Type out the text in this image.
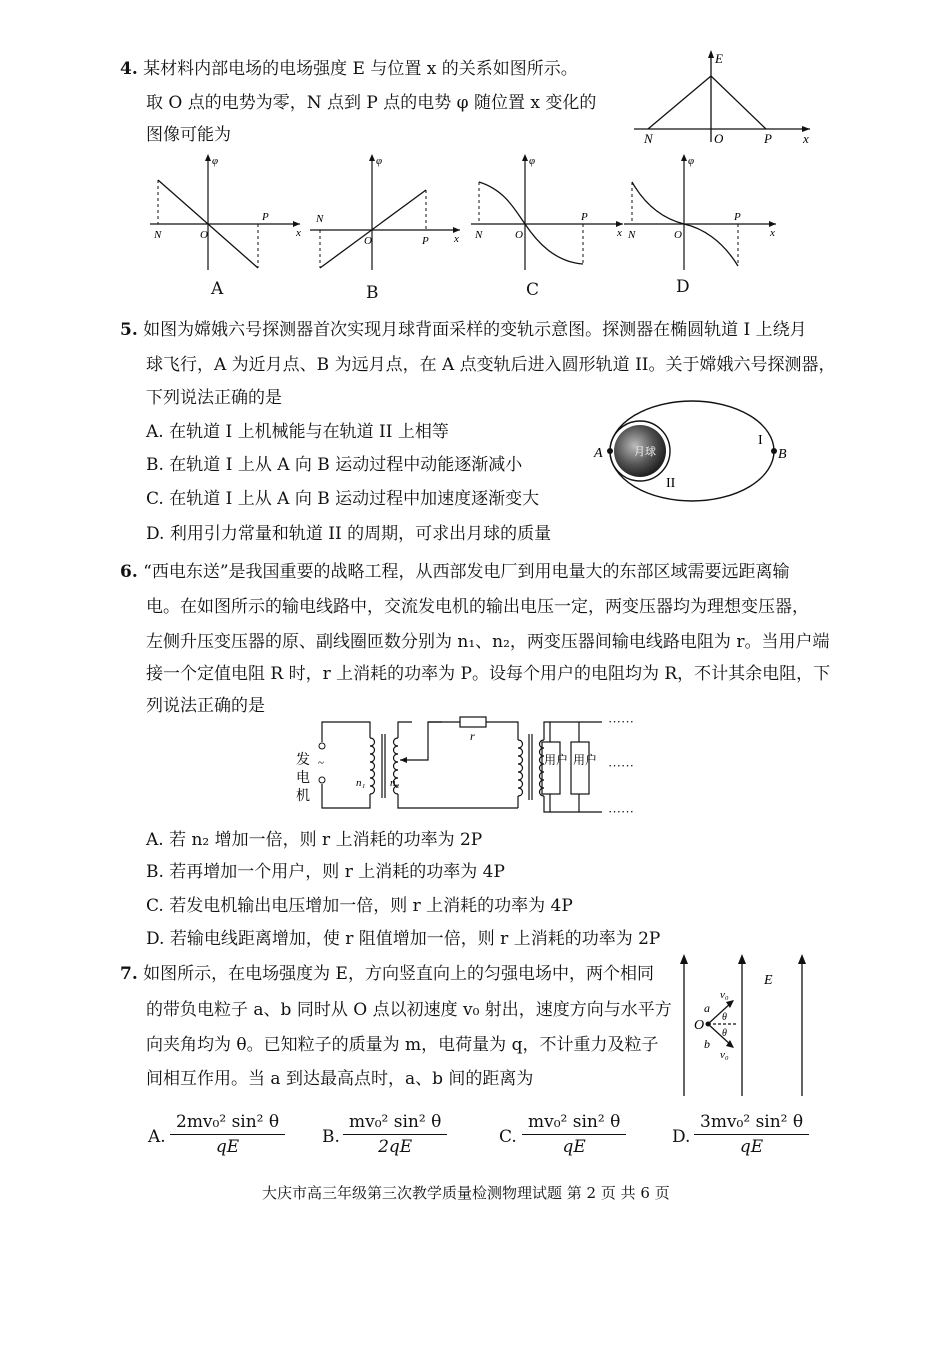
4. 某材料内部电场的电场强度 E 与位置 x 的关系如图所示。
取 O 点的电势为零，N 点到 P 点的电势 φ 随位置 x 变化的
图像可能为
E
x
N	O	P
φ
x
N	O
P
φ
x
N
O	P
φ
x
N	O
P
φ
x
N	O
P
A	B	C	D
5. 如图为嫦娥六号探测器首次实现月球背面采样的变轨示意图。探测器在椭圆轨道 I 上绕月
球飞行，A 为近月点、B 为远月点，在 A 点变轨后进入圆形轨道 II。关于嫦娥六号探测器，
下列说法正确的是
A. 在轨道 I 上机械能与在轨道 II 上相等
B. 在轨道 I 上从 A 向 B 运动过程中动能逐渐减小
C. 在轨道 I 上从 A 向 B 运动过程中加速度逐渐变大
D. 利用引力常量和轨道 II 的周期，可求出月球的质量
月球
A	B
I
II
6. “西电东送”是我国重要的战略工程，从西部发电厂到用电量大的东部区域需要远距离输
电。在如图所示的输电线路中，交流发电机的输出电压一定，两变压器均为理想变压器，
左侧升压变压器的原、副线圈匝数分别为 n₁、n₂，两变压器间输电线路电阻为 r。当用户端
接一个定值电阻 R 时，r 上消耗的功率为 P。设每个用户的电阻均为 R，不计其余电阻，下
列说法正确的是
~
发
电
机
n₁ n₂
r
用户 用户
······
······
······
A. 若 n₂ 增加一倍，则 r 上消耗的功率为 2P
B. 若再增加一个用户，则 r 上消耗的功率为 4P
C. 若发电机输出电压增加一倍，则 r 上消耗的功率为 4P
D. 若输电线距离增加，使 r 阻值增加一倍，则 r 上消耗的功率为 2P
7. 如图所示，在电场强度为 E，方向竖直向上的匀强电场中，两个相同
的带负电粒子 a、b 同时从 O 点以初速度 v₀ 射出，速度方向与水平方
向夹角均为 θ。已知粒子的质量为 m，电荷量为 q，不计重力及粒子
间相互作用。当 a 到达最高点时，a、b 间的距离为
E
O
a
b
v₀
v₀
θ
θ
A. $\frac{\text{2mv₀² sin² θ}}{qE} B$. $\frac{\text{mv₀² sin² θ}}{2qE}$	C. $\frac{\text{mv₀² sin² θ}}{qE}$	D. $\frac{\text{3mv₀² sin² θ}}{qE}$
大庆市高三年级第三次教学质量检测物理试题 第 2 页 共 6 页
